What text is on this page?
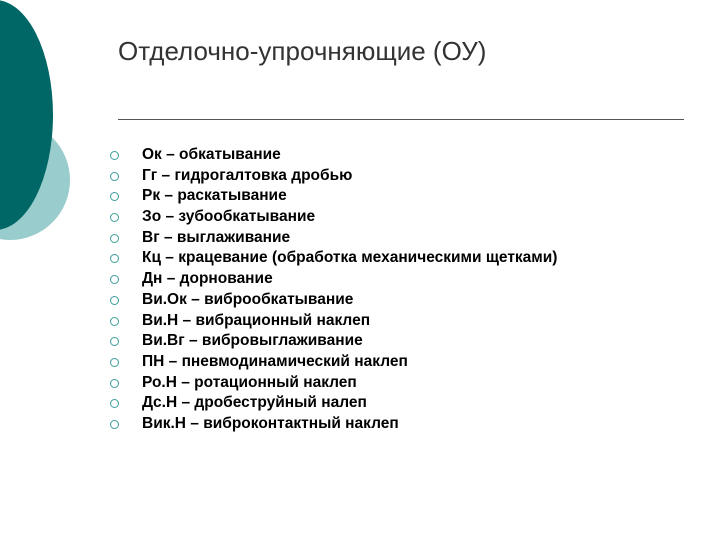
Отделочно-упрочняющие (ОУ)
Ок – обкатывание
Гг – гидрогалтовка дробью
Рк – раскатывание
Зо – зубообкатывание
Вг – выглаживание
Кц – крацевание (обработка механическими щетками)
Дн – дорнование
Ви.Ок – виброобкатывание
Ви.Н – вибрационный наклеп
Ви.Вг – вибровыглаживание
ПН – пневмодинамический наклеп
Ро.Н – ротационный наклеп
Дс.Н – дробеструйный налеп
Вик.Н – виброконтактный наклеп
